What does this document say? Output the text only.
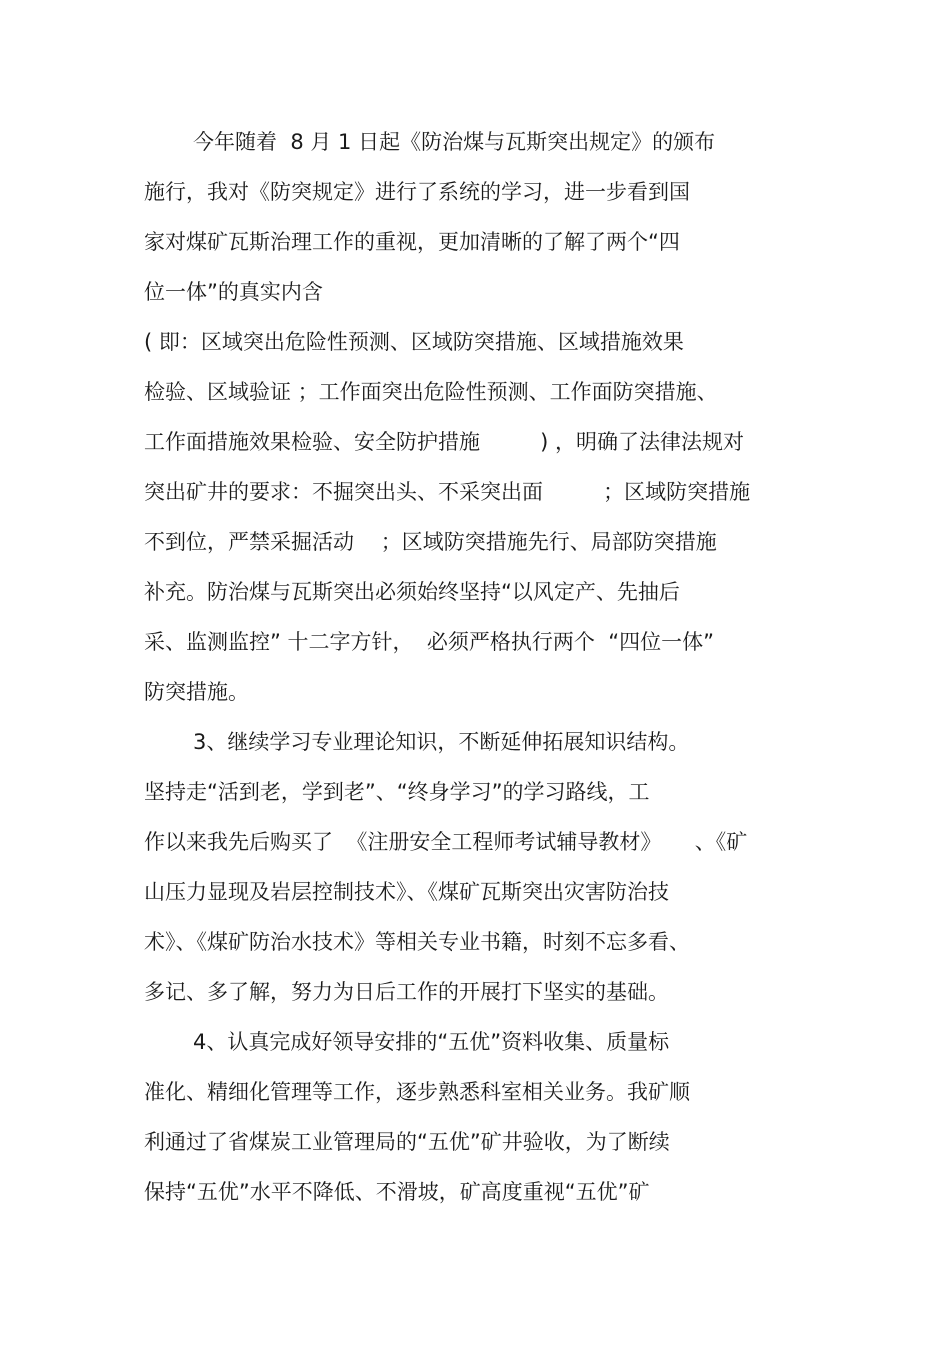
今年随着  8 月 1 日起《防治煤与瓦斯突出规定》的颁布
施行，我对《防突规定》进行了系统的学习，进一步看到国
家对煤矿瓦斯治理工作的重视，更加清晰的了解了两个“四
位一体”的真实内含
( 即：区域突出危险性预测、区域防突措施、区域措施效果
检验、区域验证 ；工作面突出危险性预测、工作面防突措施、
工作面措施效果检验、安全防护措施         ) ，明确了法律法规对
突出矿井的要求：不掘突出头、不采突出面         ；区域防突措施
不到位，严禁采掘活动    ；区域防突措施先行、局部防突措施
补充。防治煤与瓦斯突出必须始终坚持“以风定产、先抽后
采、监测监控” 十二字方针，  必须严格执行两个  “四位一体”
防突措施。
3、继续学习专业理论知识，不断延伸拓展知识结构。
坚持走“活到老，学到老”、“终身学习”的学习路线，工
作以来我先后购买了  《注册安全工程师考试辅导教材》     、《矿
山压力显现及岩层控制技术》、《煤矿瓦斯突出灾害防治技
术》、《煤矿防治水技术》等相关专业书籍，时刻不忘多看、
多记、多了解，努力为日后工作的开展打下坚实的基础。
4、认真完成好领导安排的“五优”资料收集、质量标
准化、精细化管理等工作，逐步熟悉科室相关业务。我矿顺
利通过了省煤炭工业管理局的“五优”矿井验收，为了断续
保持“五优”水平不降低、不滑坡，矿高度重视“五优”矿
